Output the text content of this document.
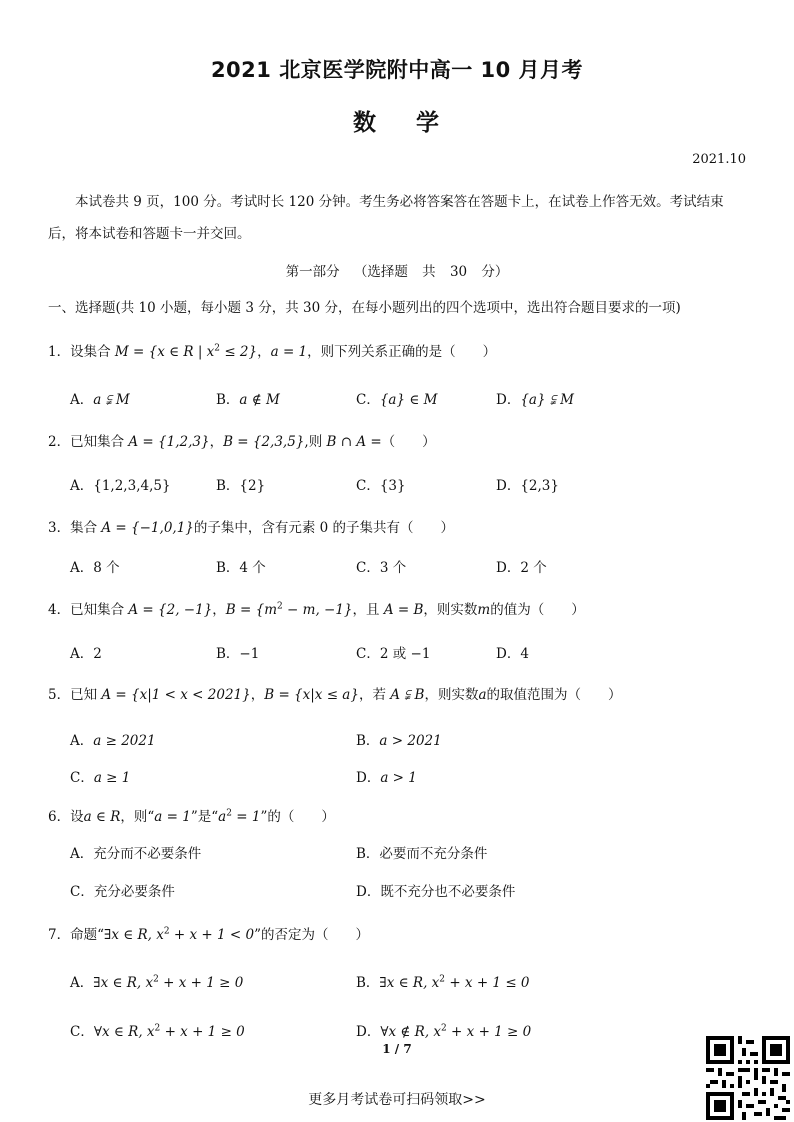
2021 北京医学院附中高一 10 月月考
数 学
2021.10
本试卷共 9 页，100 分。考试时长 120 分钟。考生务必将答案答在答题卡上，在试卷上作答无效。考试结束后，将本试卷和答题卡一并交回。
第一部分 （选择题 共 30 分）
一、选择题(共 10 小题，每小题 3 分，共 30 分，在每小题列出的四个选项中，选出符合题目要求的一项)
1．设集合 M = {x ∈ R | $x^2 \le 2$}，a = 1，则下列关系正确的是（　　）
A．a ⫋ M	B．a ∉ M	C．{a} ∈ M	D．{a} ⫋ M
2．已知集合 A = {1,2,3}，B = {2,3,5},则 B ∩ A =（　　）
A．{1,2,3,4,5}	B．{2}	C．{3}	D．{2,3}
3．集合 A = {−1,0,1}的子集中，含有元素 0 的子集共有（　　）
A．8 个	B．4 个	C．3 个	D．2 个
4．已知集合 A = {2, −1}，$B = \{m^2 - m$, −1}，且 A = B，则实数m的值为（　　）
A．2	B．−1	C．2 或 −1	D．4
5．已知 A = {x|1 < x < 2021}，B = {x|x ≤ a}，若 A ⫋ B，则实数a的取值范围为（　　）
A．a ≥ 2021	B．a > 2021
C．a ≥ 1	D．a > 1
6．设a ∈ R，则“a = 1”是“$a^2 = 1$”的（　　）
A．充分而不必要条件	B．必要而不充分条件
C．充分必要条件	D．既不充分也不必要条件
7．命题“∃x ∈ R, $x^2 + x + 1 < 0$”的否定为（　　）
A．∃x ∈ R, $x^2 + x + 1 \ge 0$	B．∃x ∈ R, $x^2 + x + 1 \le 0$
C．∀x ∈ R, $x^2 + x + 1 \ge 0$	D．∀x ∉ R, $x^2 + x + 1 \ge 0$
1 / 7
更多月考试卷可扫码领取>>
